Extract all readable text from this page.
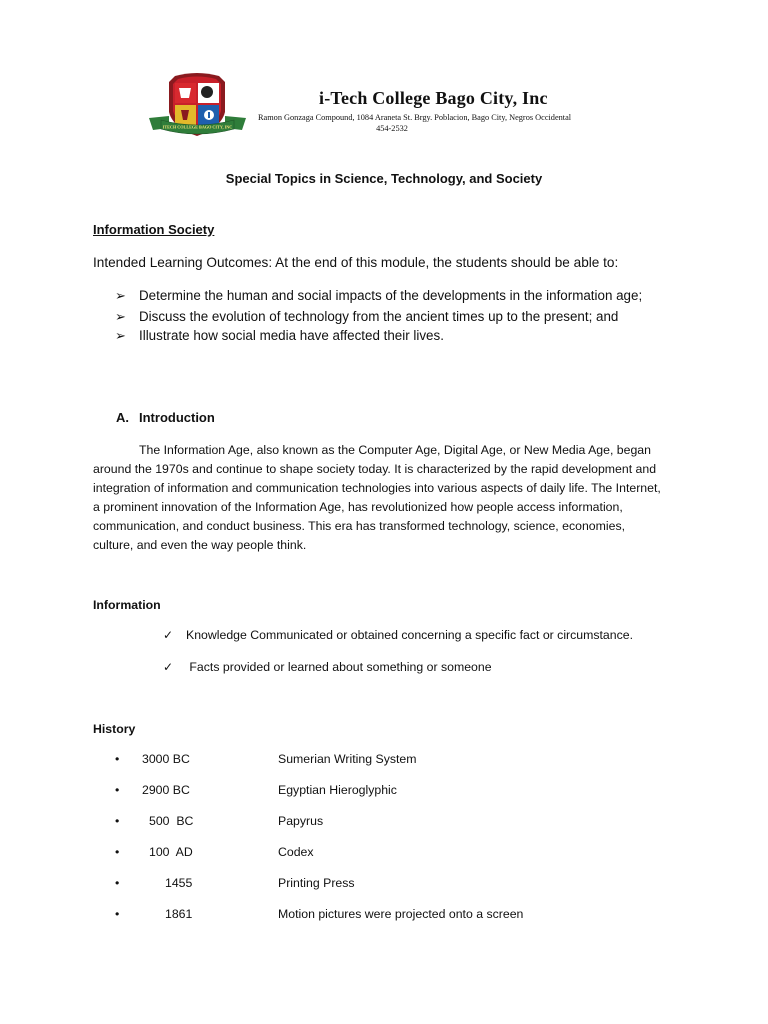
ITECH COLLEGE BAGO CITY, INC
i-Tech College Bago City, Inc
Ramon Gonzaga Compound, 1084 Araneta St. Brgy. Poblacion, Bago City, Negros Occidental
454-2532
Special Topics in Science, Technology, and Society
Information Society
Intended Learning Outcomes: At the end of this module, the students should be able to:
➢ Determine the human and social impacts of the developments in the information age;
➢ Discuss the evolution of technology from the ancient times up to the present; and
➢ Illustrate how social media have affected their lives.
A. Introduction

The Information Age, also known as the Computer Age, Digital Age, or New Media Age, began around the 1970s and continue to shape society today. It is characterized by the rapid development and integration of information and communication technologies into various aspects of daily life. The Internet, a prominent innovation of the Information Age, has revolutionized how people access information, communication, and conduct business. This era has transformed technology, science, economies, culture, and even the way people think.

Information
✓ Knowledge Communicated or obtained concerning a specific fact or circumstance.
✓ Facts provided or learned about something or someone
History
• 3000 BC	Sumerian Writing System
• 2900 BC	Egyptian Hieroglyphic
• 500  BC	Papyrus
• 100  AD	Codex
•	1455	Printing Press
•	1861	Motion pictures were projected onto a screen
